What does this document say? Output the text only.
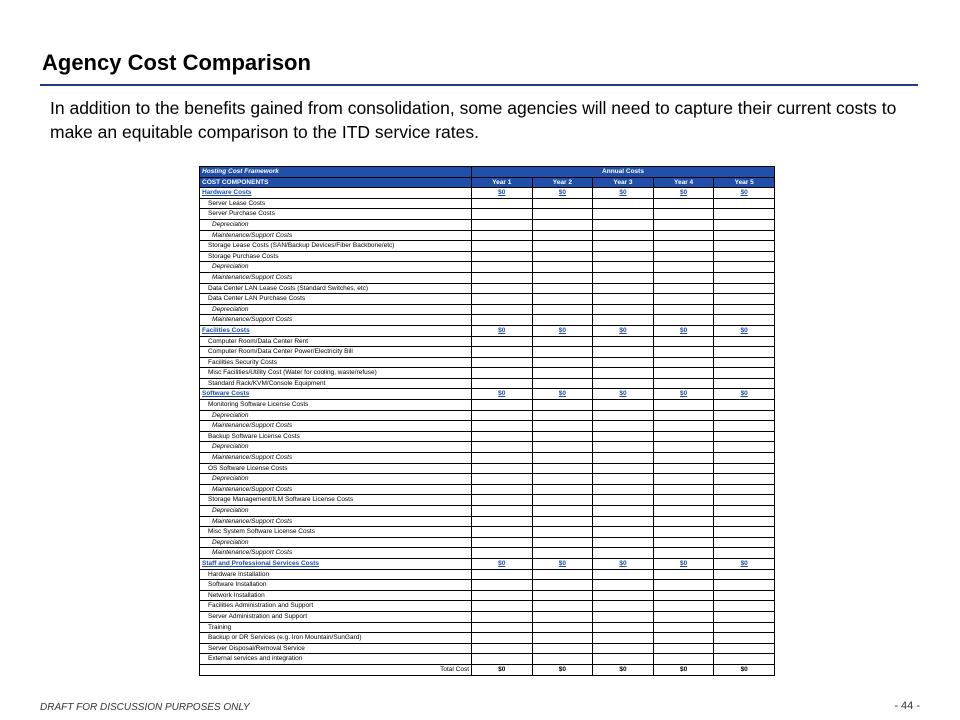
Agency Cost Comparison
In addition to the benefits gained from consolidation, some agencies will need to capture their current costs to make an equitable comparison to the ITD service rates.
Hosting Cost Framework	Annual Costs				
COST COMPONENTS	Year 1	Year 2	Year 3	Year 4	Year 5
Hardware Costs	$0	$0	$0	$0	$0
Server Lease Costs					
Server Purchase Costs					
Depreciation					
Maintenance/Support Costs					
Storage Lease Costs (SAN/Backup Devices/Fiber Backbone/etc)					
Storage Purchase Costs					
Depreciation					
Maintenance/Support Costs					
Data Center LAN Lease Costs (Standard Switches, etc)					
Data Center LAN Purchase Costs					
Depreciation					
Maintenance/Support Costs					
Facilities Costs	$0	$0	$0	$0	$0
Computer Room/Data Center Rent					
Computer Room/Data Center Power/Electricity Bill					
Facilities Security Costs					
Misc Facilities/Utility Cost (Water for cooling, waste/refuse)					
Standard Rack/KVM/Console Equipment					
Software Costs	$0	$0	$0	$0	$0
Monitoring Software License Costs					
Depreciation					
Maintenance/Support Costs					
Backup Software License Costs					
Depreciation					
Maintenance/Support Costs					
OS Software License Costs					
Depreciation					
Maintenance/Support Costs					
Storage Management/ILM Software License Costs					
Depreciation					
Maintenance/Support Costs					
Misc System Software License Costs					
Depreciation					
Maintenance/Support Costs					
Staff and Professional Services Costs	$0	$0	$0	$0	$0
Hardware Installation					
Software Installation					
Network Installation					
Facilities Administration and Support					
Server Administration and Support					
Training					
Backup or DR Services (e.g. Iron Mountain/SunGard)					
Server Disposal/Removal Service					
External services and integration					
Total Cost	$0	$0	$0	$0	$0
DRAFT FOR DISCUSSION PURPOSES ONLY	- 44 -
